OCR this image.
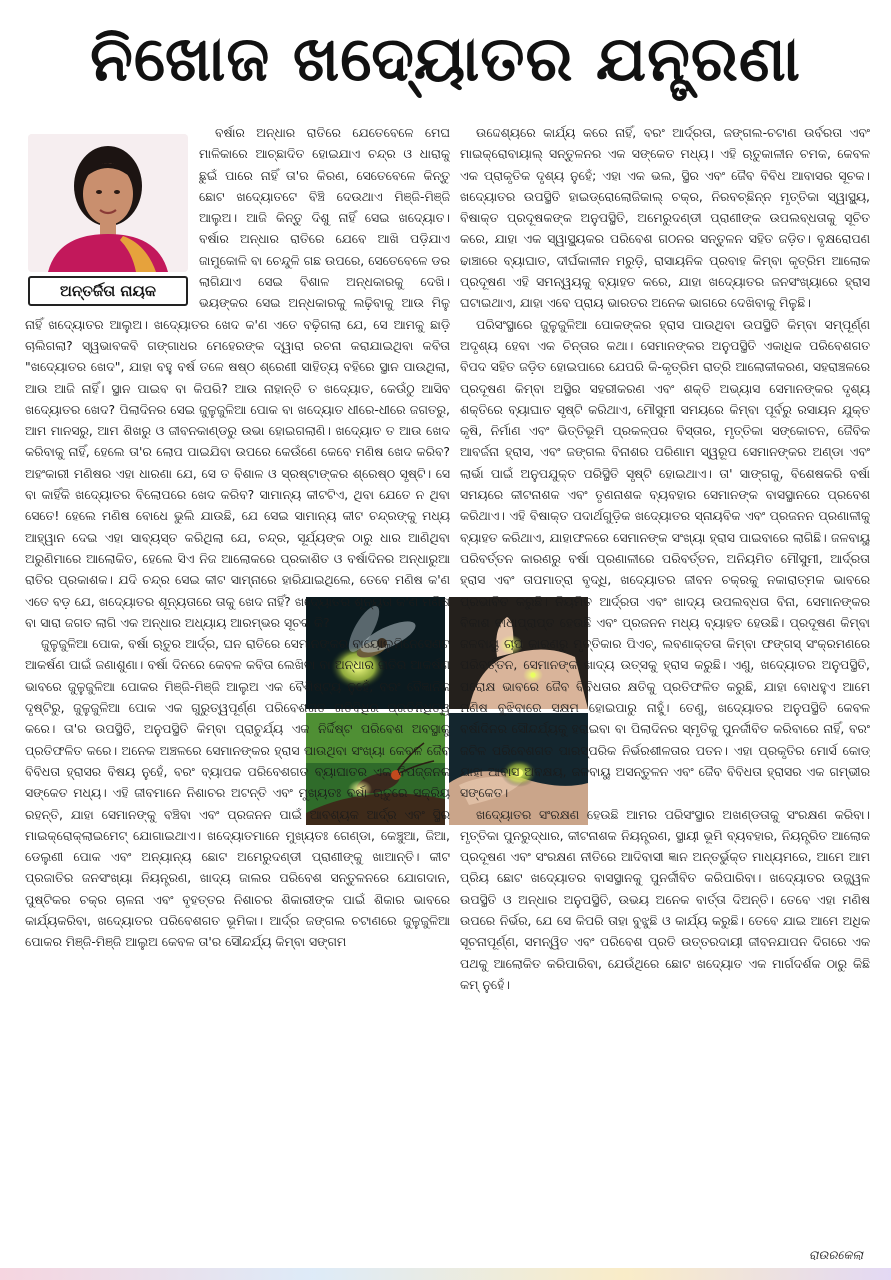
ନିଖୋଜ ଖଦ୍ୟୋତର ଯନ୍ତ୍ରଣା
ଅନ୍ତର୍ଜିତା ନାୟକ

ବର୍ଷାର ଅନ୍ଧାର ରାତିରେ ଯେତେବେଳେ ମେଘ ମାଳିକାରେ ଆଚ୍ଛାଦିତ ହୋଇଯାଏ ଚନ୍ଦ୍ର ଓ ଧାରାକୁ ଛୁଇଁ ପାରେ ନାହିଁ ତା'ର କିରଣ, ସେତେବେଳେ କିନ୍ତୁ ଛୋଟ ଖଦ୍ୟୋତଟେ ବିଞ୍ଚି ଦେଉଥାଏ ମିଞ୍ଜି-ମିଞ୍ଜି ଆଲୁଅ। ଆଜି କିନ୍ତୁ ଦିଶୁ ନାହିଁ ସେଇ ଖଦ୍ୟୋତ। ବର୍ଷାର ଅନ୍ଧାର ରାତିରେ ଯେବେ ଆଖି ପଡ଼ିଯାଏ ଜାମୁକୋଳି ବା ଚେନ୍ଦୁଳି ଗଛ ଉପରେ, ସେତେବେଳେ ଡର ଲାଗିଯାଏ ସେଇ ବିଶାଳ ଅନ୍ଧକାରକୁ ଦେଖି। ଭୟଙ୍କର ସେଇ ଅନ୍ଧକାରକୁ ଲଢ଼ିବାକୁ ଆଉ ମିଳୁ ନାହିଁ ଖଦ୍ୟୋତର ଆଲୁଅ। ଖଦ୍ୟୋତର ଖେଦ କ'ଣ ଏତେ ବଢ଼ିଗଲା ଯେ, ସେ ଆମକୁ ଛାଡ଼ି ଚାଲିଗଲା? ସ୍ୱଭାବକବି ଗଙ୍ଗାଧର ମେହେରଙ୍କ ଦ୍ୱାରା ରଚନା କରାଯାଇଥିବା କବିତା "ଖଦ୍ୟୋତର ଖେଦ", ଯାହା ବହୁ ବର୍ଷ ତଳେ ଷଷ୍ଠ ଶ୍ରେଣୀ ସାହିତ୍ୟ ବହିରେ ସ୍ଥାନ ପାଉଥିଲା, ଆଉ ଆଜି ନାହିଁ। ସ୍ଥାନ ପାଇବ ବା କିପରି? ଆଉ ନାହାନ୍ତି ତ ଖଦ୍ୟୋତ, କେଉଁଠୁ ଆସିବ ଖଦ୍ୟୋତର ଖେଦ? ପିଲାଦିନର ସେଇ ଜୁଳୁଜୁଳିଆ ପୋକ ବା ଖଦ୍ୟୋତ ଧୀରେ-ଧୀରେ ଜଗତରୁ, ଆମ ମାନସରୁ, ଆମ ଶିଖରୁ ଓ ଜୀବନକାଣ୍ଡରୁ ଉଭା ହୋଇଗଲାଣି। ଖଦ୍ୟୋତ ତ ଆଉ ଖେଦ କରିବାକୁ ନାହିଁ, ହେଲେ ତା'ର ଲୋପ ପାଇଯିବା ଉପରେ କେଉଁଣେ କେବେ ମଣିଷ ଖେଦ କରିବ? ଅହଂକାରୀ ମଣିଷର ଏହା ଧାରଣା ଯେ, ସେ ତ ବିଶାଳ ଓ ସ୍ରଷ୍ଟାଙ୍କର ଶ୍ରେଷ୍ଠ ସୃଷ୍ଟି। ସେ ବା କାହିଁକି ଖଦ୍ୟୋତର ବିଲୋପରେ ଖେଦ କରିବ? ସାମାନ୍ୟ କୀଟଟିଏ, ଥିବା ଯେତେ ନ ଥିବା ସେତେ! ହେଲେ ମଣିଷ ବୋଧେ ଭୁଲି ଯାଉଛି, ଯେ ସେଇ ସାମାନ୍ୟ କୀଟ ଚନ୍ଦ୍ରଙ୍କୁ ମଧ୍ୟ ଆହ୍ୱାନ ଦେଇ ଏହା ସାବ୍ୟସ୍ତ କରିଥିଲା ଯେ, ଚନ୍ଦ୍ର, ସୂର୍ଯ୍ୟଙ୍କ ଠାରୁ ଧାର ଆଣିଥିବା ଅରୁଣିମାରେ ଆଲୋକିତ, ହେଲେ ସିଏ ନିଜ ଆଲୋକରେ ପ୍ରକାଶିତ ଓ ବର୍ଷାଦିନର ଅନ୍ଧାରୁଆ ରାତିର ପ୍ରକାଶକ। ଯଦି ଚନ୍ଦ୍ର ସେଇ କୀଟ ସାମ୍ନାରେ ହାରିଯାଇଥିଲେ, ତେବେ ମଣିଷ କ'ଣ ଏତେ ବଡ଼ ଯେ, ଖଦ୍ୟୋତର ଶୂନ୍ୟତାରେ ତାକୁ ଖେଦ ନାହିଁ? ଖଦ୍ୟୋତର ଶୂନ୍ୟତା କ'ଣ ମଣିଷ ବା ସାରା ଜଗତ ଲାଗି ଏକ ଅନ୍ଧାର ଅଧ୍ୟାୟ ଆରମ୍ଭର ସୂଚକ କି?

ଜୁଳୁଜୁଳିଆ ପୋକ, ବର୍ଷା ଋତୁର ଆର୍ଦ୍ର, ଘନ ରାତିରେ ସେମାନଙ୍କର ବାୟୋଲୁମିନେସେଣ୍ଟ ଆକର୍ଷଣ ପାଇଁ ଜଣାଶୁଣା। ବର୍ଷା ଦିନରେ କେବଳ କବିତା ଲେଖିବା ବା ଅନ୍ଧାର ରାତିର ଆକର୍ଷଣ ଭାବରେ ଜୁଳୁଜୁଳିଆ ପୋକର ମିଞ୍ଜି-ମିଞ୍ଜି ଆଲୁଅ ଏକ ବୈଶିଷ୍ଟ୍ୟ ନୁହେଁ, ବରଂ ବୈଜ୍ଞାନିକ ଦୃଷ୍ଟିରୁ, ଜୁଳୁଜୁଳିଆ ପୋକ ଏକ ଗୁରୁତ୍ୱପୂର୍ଣ୍ଣ ପରିବେଶଗତ ଗତିବିଧିର ପ୍ରତିନିଧିତ୍ୱ କରେ। ତା'ର ଉପସ୍ଥିତି, ଅନୁପସ୍ଥିତି କିମ୍ବା ପ୍ରାଚୁର୍ଯ୍ୟ ଏକ ନିର୍ଦ୍ଦିଷ୍ଟ ପରିବେଶ ଅବସ୍ଥାକୁ ପ୍ରତିଫଳିତ କରେ। ଅନେକ ଅଞ୍ଚଳରେ ସେମାନଙ୍କର ହ୍ରାସ ପାଉଥିବା ସଂଖ୍ୟା କେବଳ ଜୈବ ବିବିଧତା ହ୍ରାସର ବିଷୟ ନୁହେଁ, ବରଂ ବ୍ୟାପକ ପରିବେଶଗତ ବ୍ୟାଘାତର ଏକ ବିପଜ୍ଜନକ ସଙ୍କେତ ମଧ୍ୟ। ଏହି ଜୀବମାନେ ନିଶାଚର ଅଟନ୍ତି ଏବଂ ମୁଖ୍ୟତଃ ବର୍ଷା ଋତୁରେ ସକ୍ରିୟ ରହନ୍ତି, ଯାହା ସେମାନଙ୍କୁ ବଞ୍ଚିବା ଏବଂ ପ୍ରଜନନ ପାଇଁ ଆବଶ୍ୟକ ଆର୍ଦ୍ର ଏବଂ ସ୍ଥିର ମାଇକ୍ରୋକ୍ଲାଇମେଟ୍ ଯୋଗାଇଥାଏ। ଖଦ୍ୟୋତମାନେ ମୁଖ୍ୟତଃ ଗେଣ୍ଡା, କେଞ୍ଚୁଆ, ଜିଆ, ଡେଲୁଣୀ ପୋକ ଏବଂ ଅନ୍ୟାନ୍ୟ ଛୋଟ ଅମେରୁଦଣ୍ଡୀ ପ୍ରାଣୀଙ୍କୁ ଖାଆନ୍ତି। କୀଟ ପ୍ରଜାତିର ଜନସଂଖ୍ୟା ନିୟନ୍ତ୍ରଣ, ଖାଦ୍ୟ ଜାଲର ପରିବେଶ ସନ୍ତୁଳନରେ ଯୋଗଦାନ, ପୁଷ୍ଟିକର ଚକ୍ର ଚାଳନା ଏବଂ ବୃହତ୍ତର ନିଶାଚର ଶିକାରୀଙ୍କ ପାଇଁ ଶିକାର ଭାବରେ କାର୍ଯ୍ୟକରିବା, ଖଦ୍ୟୋତର ପରିବେଶଗତ ଭୂମିକା। ଆର୍ଦ୍ର ଜଙ୍ଗଲ ଚଟାଣରେ ଜୁଳୁଜୁଳିଆ ପୋକର ମିଞ୍ଜି-ମିଞ୍ଜି ଆଲୁଅ କେବଳ ତା'ର ସୌନ୍ଦର୍ଯ୍ୟ କିମ୍ବା ସଙ୍ଗମ

ଉଦ୍ଦେଶ୍ୟରେ କାର୍ଯ୍ୟ କରେ ନାହିଁ, ବରଂ ଆର୍ଦ୍ରତା, ଜଙ୍ଗଲ-ଚଟାଣ ଉର୍ବରତା ଏବଂ ମାଇକ୍ରୋବାୟାଲ୍ ସନ୍ତୁଳନର ଏକ ସଙ୍କେତ ମଧ୍ୟ। ଏହି ଋତୁକାଳୀନ ଚମକ, କେବଳ ଏକ ପ୍ରାକୃତିକ ଦୃଶ୍ୟ ନୁହେଁ; ଏହା ଏକ ଭଲ, ସ୍ଥିର ଏବଂ ଜୈବ ବିବିଧ ଆବାସର ସୂଚକ। ଖଦ୍ୟୋତର ଉପସ୍ଥିତି ହାଇଡ୍ରୋଲୋଜିକାଲ୍ ଚକ୍ର, ନିରବଚ୍ଛିନ୍ନ ମୃତ୍ତିକା ସ୍ୱାସ୍ଥ୍ୟ, ବିଷାକ୍ତ ପ୍ରଦୂଷକଙ୍କ ଅନୁପସ୍ଥିତି, ଅମେରୁଦଣ୍ଡୀ ପ୍ରାଣୀଙ୍କ ଉପଲବ୍ଧତାକୁ ସୂଚିତ କରେ, ଯାହା ଏକ ସ୍ୱାସ୍ଥ୍ୟକର ପରିବେଶ ଗଠନର ସନ୍ତୁଳନ ସହିତ ଜଡ଼ିତ। ବୃକ୍ଷରୋପଣ ଢାଞ୍ଚାରେ ବ୍ୟାଘାତ, ଦୀର୍ଘକାଳୀନ ମରୁଡ଼ି, ରାସାୟନିକ ପ୍ରବାହ କିମ୍ବା କୃତ୍ରିମ ଆଲୋକ ପ୍ରଦୂଷଣ ଏହି ସମନ୍ୱୟକୁ ବ୍ୟାହତ କରେ, ଯାହା ଖଦ୍ୟୋତର ଜନସଂଖ୍ୟାରେ ହ୍ରାସ ଘଟାଇଥାଏ, ଯାହା ଏବେ ପ୍ରାୟ ଭାରତର ଅନେକ ଭାଗରେ ଦେଖିବାକୁ ମିଳୁଛି।

ପରିସଂସ୍ଥାରେ ଜୁଳୁଜୁଳିଆ ପୋକଙ୍କର ହ୍ରାସ ପାଉଥିବା ଉପସ୍ଥିତି କିମ୍ବା ସମ୍ପୂର୍ଣ୍ଣ ଅଦୃଶ୍ୟ ହେବା ଏକ ଚିନ୍ତାର କଥା। ସେମାନଙ୍କର ଅନୁପସ୍ଥିତି ଏକାଧିକ ପରିବେଶଗତ ବିପଦ ସହିତ ଜଡ଼ିତ ହୋଇପାରେ ଯେପରି କି-କୃତ୍ରିମ ରାତ୍ରି ଆଲୋକୀକରଣ, ସହରାଞ୍ଚଳରେ ପ୍ରଦୂଷଣ କିମ୍ବା ଅସ୍ଥିର ସହରୀକରଣ ଏବଂ ଶକ୍ତି ଅଭ୍ୟାସ ସେମାନଙ୍କର ଦୃଶ୍ୟ ଶକ୍ତିରେ ବ୍ୟାଘାତ ସୃଷ୍ଟି କରିଥାଏ, ମୌସୁମୀ ସମୟରେ କିମ୍ବା ପୂର୍ବରୁ ରସାୟନ ଯୁକ୍ତ କୃଷି, ନିର୍ମାଣ ଏବଂ ଭିତ୍ତିଭୂମି ପ୍ରକଳ୍ପର ବିସ୍ତାର, ମୃତ୍ତିକା ସଙ୍କୋଚନ, ଜୈବିକ ଆବର୍ଜନା ହ୍ରାସ, ଏବଂ ଜଙ୍ଗଲ ବିନାଶର ପରିଣାମ ସ୍ୱରୂପ ସେମାନଙ୍କର ଅଣ୍ଡା ଏବଂ ଲାର୍ଭା ପାଇଁ ଅନୁପଯୁକ୍ତ ପରିସ୍ଥିତି ସୃଷ୍ଟି ହୋଇଥାଏ। ତା' ସାଙ୍ଗକୁ, ବିଶେଷକରି ବର୍ଷା ସମୟରେ କୀଟନାଶକ ଏବଂ ତୃଣନାଶକ ବ୍ୟବହାର ସେମାନଙ୍କ ବାସସ୍ଥାନରେ ପ୍ରବେଶ କରିଥାଏ। ଏହି ବିଷାକ୍ତ ପଦାର୍ଥଗୁଡ଼ିକ ଖଦ୍ୟୋତର ସ୍ନାୟବିକ ଏବଂ ପ୍ରଜନନ ପ୍ରଣାଳୀକୁ ବ୍ୟାହତ କରିଥାଏ, ଯାହାଫଳରେ ସେମାନଙ୍କ ସଂଖ୍ୟା ହ୍ରାସ ପାଇବାରେ ଲାଗିଛି। ଜଳବାୟୁ ପରିବର୍ତ୍ତନ କାରଣରୁ ବର୍ଷା ପ୍ରଣାଳୀରେ ପରିବର୍ତ୍ତନ, ଅନିୟମିତ ମୌସୁମୀ, ଆର୍ଦ୍ରତା ହ୍ରାସ ଏବଂ ତାପମାତ୍ରା ବୃଦ୍ଧି, ଖଦ୍ୟୋତର ଜୀବନ ଚକ୍ରକୁ ନକାରାତ୍ମକ ଭାବରେ ପ୍ରଭାବିତ କରୁଛି। ନିୟମିତ ଆର୍ଦ୍ରତା ଏବଂ ଖାଦ୍ୟ ଉପଲବ୍ଧତା ବିନା, ସେମାନଙ୍କର ବିକାଶ ବାଧାପ୍ରାପ୍ତ ହେଉଛି ଏବଂ ପ୍ରଜନନ ମଧ୍ୟ ବ୍ୟାହତ ହେଉଛି। ପ୍ରଦୂଷଣ କିମ୍ବା ଜଳବାୟୁ ଚାପ କାରଣରୁ ମୃତ୍ତିକାର ପିଏଚ୍, ଲବଣାକ୍ତତା କିମ୍ବା ଫଙ୍ଗସ୍ ସଂକ୍ରମଣରେ ପରିବର୍ତ୍ତନ, ସେମାନଙ୍କ ଖାଦ୍ୟ ଉତ୍ସକୁ ହ୍ରାସ କରୁଛି। ଏଣୁ, ଖଦ୍ୟୋତର ଅନୁପସ୍ଥିତି, ପରୋକ୍ଷ ଭାବରେ ଜୈବ ବିବିଧତାର କ୍ଷତିକୁ ପ୍ରତିଫଳିତ କରୁଛି, ଯାହା ବୋଧହୁଏ ଆମେ ମଣିଷ ବୁଝିବାରେ ସକ୍ଷମ ହୋଇପାରୁ ନାହୁଁ। ତେଣୁ, ଖଦ୍ୟୋତର ଅନୁପସ୍ଥିତି କେବଳ ବର୍ଷାଦିନର ସୌନ୍ଦର୍ଯ୍ୟକୁ ହରାଇବା ବା ପିଲାଦିନର ସ୍ମୃତିକୁ ପୁନର୍ଜୀବିତ କରିବାରେ ନାହିଁ, ବରଂ ଜଟିଳ ପରିବେଶଗତ ପାରସ୍ପରିକ ନିର୍ଭରଶୀଳତାର ପତନ। ଏହା ପ୍ରକୃତିର ମୋର୍ସ କୋଡ୍ ଯାହା ଆବାସ ଅବକ୍ଷୟ, ଜଳବାୟୁ ଅସନ୍ତୁଳନ ଏବଂ ଜୈବ ବିବିଧତା ହ୍ରାସର ଏକ ଗମ୍ଭୀର ସଙ୍କେତ।

ଖଦ୍ୟୋତର ସଂରକ୍ଷଣ ହେଉଛି ଆମର ପରିସଂସ୍ଥାର ଅଖଣ୍ଡତାକୁ ସଂରକ୍ଷଣ କରିବା। ମୃତ୍ତିକା ପୁନରୁଦ୍ଧାର, କୀଟନାଶକ ନିୟନ୍ତ୍ରଣ, ସ୍ଥାୟୀ ଭୂମି ବ୍ୟବହାର, ନିୟନ୍ତ୍ରିତ ଆଲୋକ ପ୍ରଦୂଷଣ ଏବଂ ସଂରକ୍ଷଣ ନୀତିରେ ଆଦିବାସୀ ଜ୍ଞାନ ଅନ୍ତର୍ଭୁକ୍ତ ମାଧ୍ୟମରେ, ଆମେ ଆମ ପ୍ରିୟ ଛୋଟ ଖଦ୍ୟୋତର ବାସସ୍ଥାନକୁ ପୁନର୍ଜୀବିତ କରିପାରିବା। ଖଦ୍ୟୋତର ଉଜ୍ଜ୍ୱଳ ଉପସ୍ଥିତି ଓ ଅନ୍ଧାର ଅନୁପସ୍ଥିତି, ଉଭୟ ଅନେକ ବାର୍ତ୍ତା ଦିଅନ୍ତି। ତେବେ ଏହା ମଣିଷ ଉପରେ ନିର୍ଭର, ଯେ ସେ କିପରି ତାହା ବୁଝୁଛି ଓ କାର୍ଯ୍ୟ କରୁଛି। ତେବେ ଯାଇ ଆମେ ଅଧିକ ସୂଚନାପୂର୍ଣ୍ଣ, ସମନ୍ୱିତ ଏବଂ ପରିବେଶ ପ୍ରତି ଉତ୍ତରଦାୟୀ ଜୀବନଯାପନ ଦିଗରେ ଏକ ପଥକୁ ଆଲୋକିତ କରିପାରିବା, ଯେଉଁଥିରେ ଛୋଟ ଖଦ୍ୟୋତ ଏକ ମାର୍ଗଦର୍ଶକ ଠାରୁ କିଛି କମ୍ ନୁହେଁ।

ରାଉରକେଲା
